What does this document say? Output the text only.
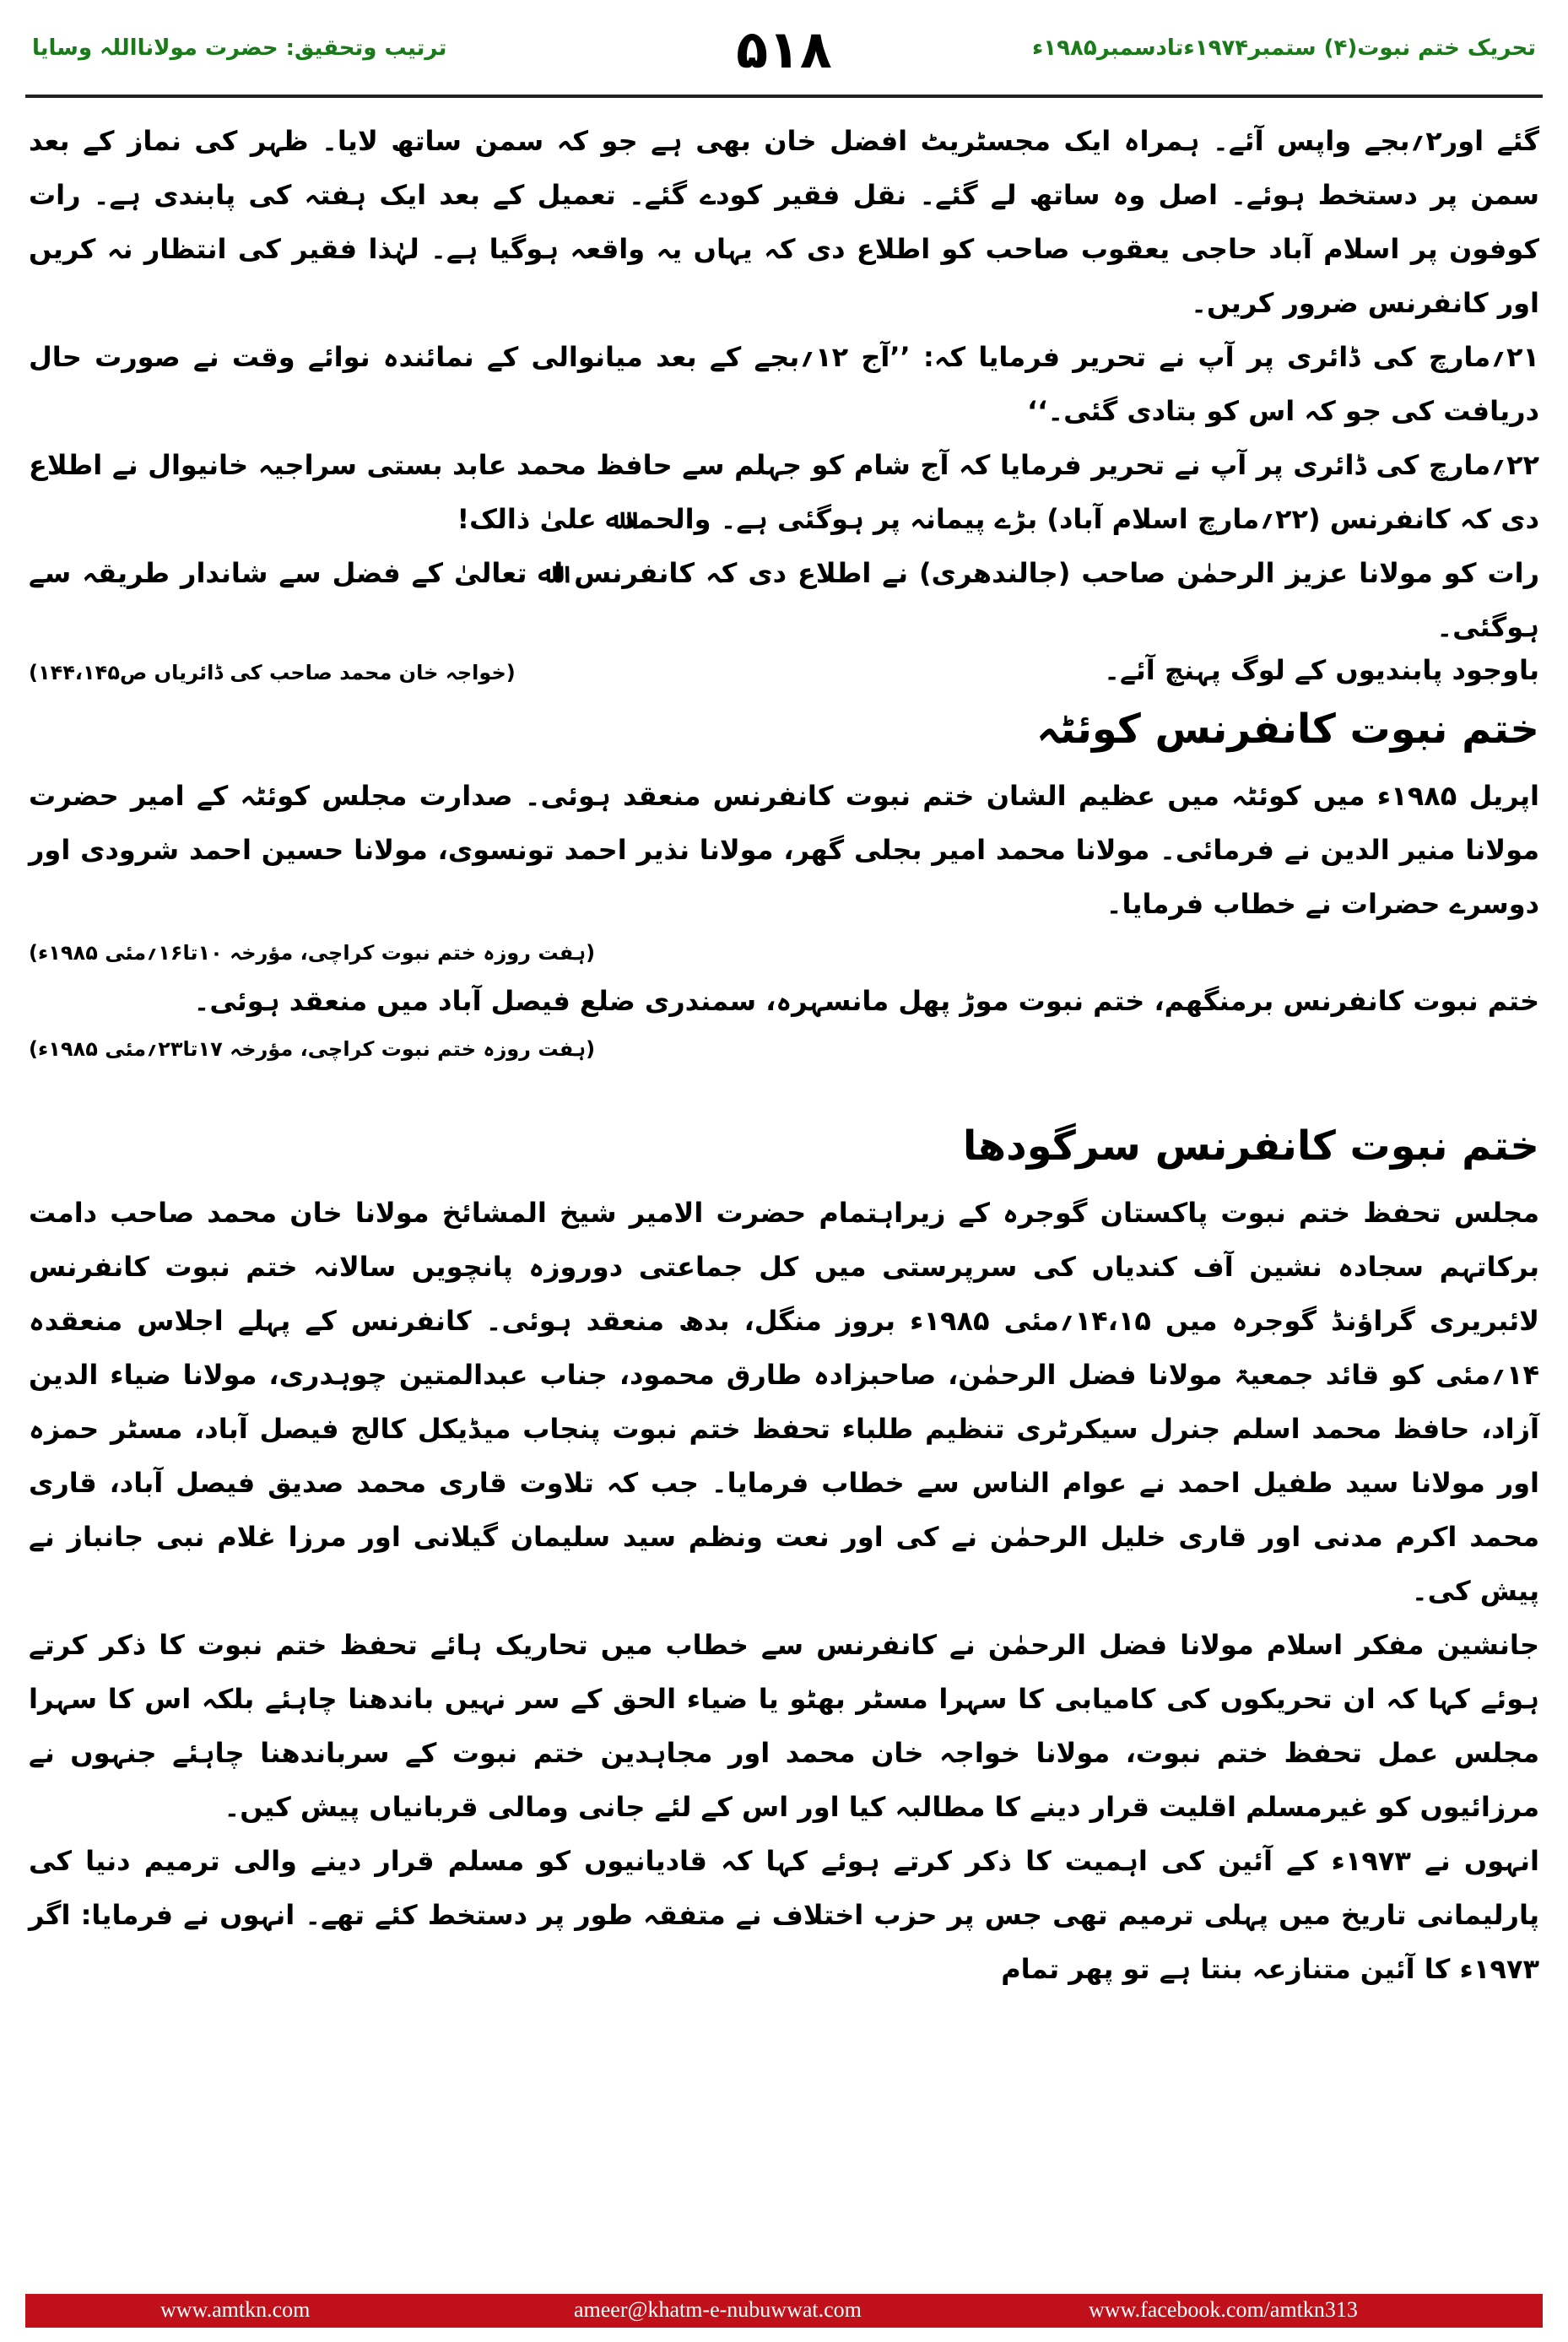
ترتیب وتحقیق: حضرت مولانااللہ وسایا	۵۱۸	تحریک ختم نبوت(۴) ستمبر۱۹۷۴ءتادسمبر۱۹۸۵ء

گئے اور۲؍بجے واپس آئے۔ ہمراہ ایک مجسٹریٹ افضل خان بھی ہے جو کہ سمن ساتھ لایا۔ ظہر کی نماز کے بعد سمن پر دستخط ہوئے۔ اصل وہ ساتھ لے گئے۔ نقل فقیر کودے گئے۔ تعمیل کے بعد ایک ہفتہ کی پابندی ہے۔ رات کوفون پر اسلام آباد حاجی یعقوب صاحب کو اطلاع دی کہ یہاں یہ واقعہ ہوگیا ہے۔ لہٰذا فقیر کی انتظار نہ کریں اور کانفرنس ضرور کریں۔

۲۱؍مارچ کی ڈائری پر آپ نے تحریر فرمایا کہ: ’’آج ۱۲؍بجے کے بعد میانوالی کے نمائندہ نوائے وقت نے صورت حال دریافت کی جو کہ اس کو بتادی گئی۔‘‘

۲۲؍مارچ کی ڈائری پر آپ نے تحریر فرمایا کہ آج شام کو جہلم سے حافظ محمد عابد بستی سراجیہ خانیوال نے اطلاع دی کہ کانفرنس (۲۲؍مارچ اسلام آباد) بڑے پیمانہ پر ہوگئی ہے۔ والحمدﷲ علیٰ ذالک!

رات کو مولانا عزیز الرحمٰن صاحب (جالندھری) نے اطلاع دی کہ کانفرنس اﷲ تعالیٰ کے فضل سے شاندار طریقہ سے ہوگئی۔

باوجود پابندیوں کے لوگ پہنچ آئے۔
(خواجہ خان محمد صاحب کی ڈائریاں ص۱۴۴،۱۴۵)
ختم نبوت کانفرنس کوئٹہ

اپریل ۱۹۸۵ء میں کوئٹہ میں عظیم الشان ختم نبوت کانفرنس منعقد ہوئی۔ صدارت مجلس کوئٹہ کے امیر حضرت مولانا منیر الدین نے فرمائی۔ مولانا محمد امیر بجلی گھر، مولانا نذیر احمد تونسوی، مولانا حسین احمد شرودی اور دوسرے حضرات نے خطاب فرمایا۔

(ہفت روزہ ختم نبوت کراچی، مؤرخہ ۱۰تا۱۶؍مئی ۱۹۸۵ء)
ختم نبوت کانفرنس برمنگھم، ختم نبوت موڑ پھل مانسہرہ، سمندری ضلع فیصل آباد میں منعقد ہوئی۔
(ہفت روزہ ختم نبوت کراچی، مؤرخہ ۱۷تا۲۳؍مئی ۱۹۸۵ء)
ختم نبوت کانفرنس سرگودھا

مجلس تحفظ ختم نبوت پاکستان گوجرہ کے زیراہتمام حضرت الامیر شیخ المشائخ مولانا خان محمد صاحب دامت برکاتہم سجادہ نشین آف کندیاں کی سرپرستی میں کل جماعتی دوروزہ پانچویں سالانہ ختم نبوت کانفرنس لائبریری گراؤنڈ گوجرہ میں ۱۴،۱۵؍مئی ۱۹۸۵ء بروز منگل، بدھ منعقد ہوئی۔ کانفرنس کے پہلے اجلاس منعقدہ ۱۴؍مئی کو قائد جمعیۃ مولانا فضل الرحمٰن، صاحبزادہ طارق محمود، جناب عبدالمتین چوہدری، مولانا ضیاء الدین آزاد، حافظ محمد اسلم جنرل سیکرٹری تنظیم طلباء تحفظ ختم نبوت پنجاب میڈیکل کالج فیصل آباد، مسٹر حمزہ اور مولانا سید طفیل احمد نے عوام الناس سے خطاب فرمایا۔ جب کہ تلاوت قاری محمد صدیق فیصل آباد، قاری محمد اکرم مدنی اور قاری خلیل الرحمٰن نے کی اور نعت ونظم سید سلیمان گیلانی اور مرزا غلام نبی جانباز نے پیش کی۔

جانشین مفکر اسلام مولانا فضل الرحمٰن نے کانفرنس سے خطاب میں تحاریک ہائے تحفظ ختم نبوت کا ذکر کرتے ہوئے کہا کہ ان تحریکوں کی کامیابی کا سہرا مسٹر بھٹو یا ضیاء الحق کے سر نہیں باندھنا چاہئے بلکہ اس کا سہرا مجلس عمل تحفظ ختم نبوت، مولانا خواجہ خان محمد اور مجاہدین ختم نبوت کے سرباندھنا چاہئے جنہوں نے مرزائیوں کو غیرمسلم اقلیت قرار دینے کا مطالبہ کیا اور اس کے لئے جانی ومالی قربانیاں پیش کیں۔

انہوں نے ۱۹۷۳ء کے آئین کی اہمیت کا ذکر کرتے ہوئے کہا کہ قادیانیوں کو مسلم قرار دینے والی ترمیم دنیا کی پارلیمانی تاریخ میں پہلی ترمیم تھی جس پر حزب اختلاف نے متفقہ طور پر دستخط کئے تھے۔ انہوں نے فرمایا: اگر ۱۹۷۳ء کا آئین متنازعہ بنتا ہے تو پھر تمام

www.amtkn.com	ameer@khatm-e-nubuwwat.com	www.facebook.com/amtkn313
